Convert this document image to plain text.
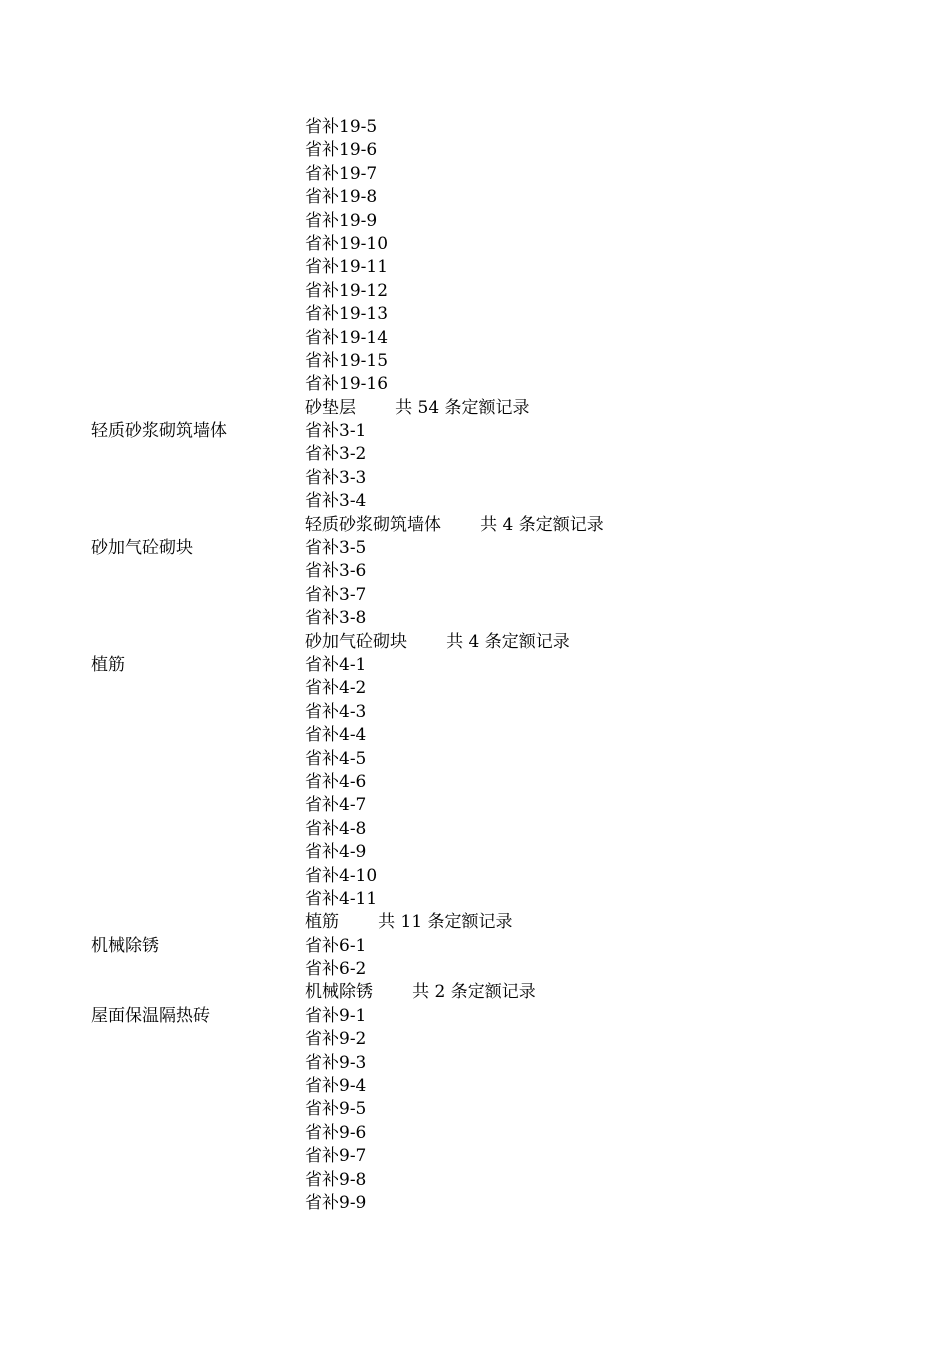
省补19-5
省补19-6
省补19-7
省补19-8
省补19-9
省补19-10
省补19-11
省补19-12
省补19-13
省补19-14
省补19-15
省补19-16
砂垫层 共 54 条定额记录
轻质砂浆砌筑墙体	省补3-1
省补3-2
省补3-3
省补3-4
轻质砂浆砌筑墙体 共 4 条定额记录
砂加气砼砌块	省补3-5
省补3-6
省补3-7
省补3-8
砂加气砼砌块 共 4 条定额记录
植筋	省补4-1
省补4-2
省补4-3
省补4-4
省补4-5
省补4-6
省补4-7
省补4-8
省补4-9
省补4-10
省补4-11
植筋 共 11 条定额记录
机械除锈	省补6-1
省补6-2
机械除锈 共 2 条定额记录
屋面保温隔热砖	省补9-1
省补9-2
省补9-3
省补9-4
省补9-5
省补9-6
省补9-7
省补9-8
省补9-9
